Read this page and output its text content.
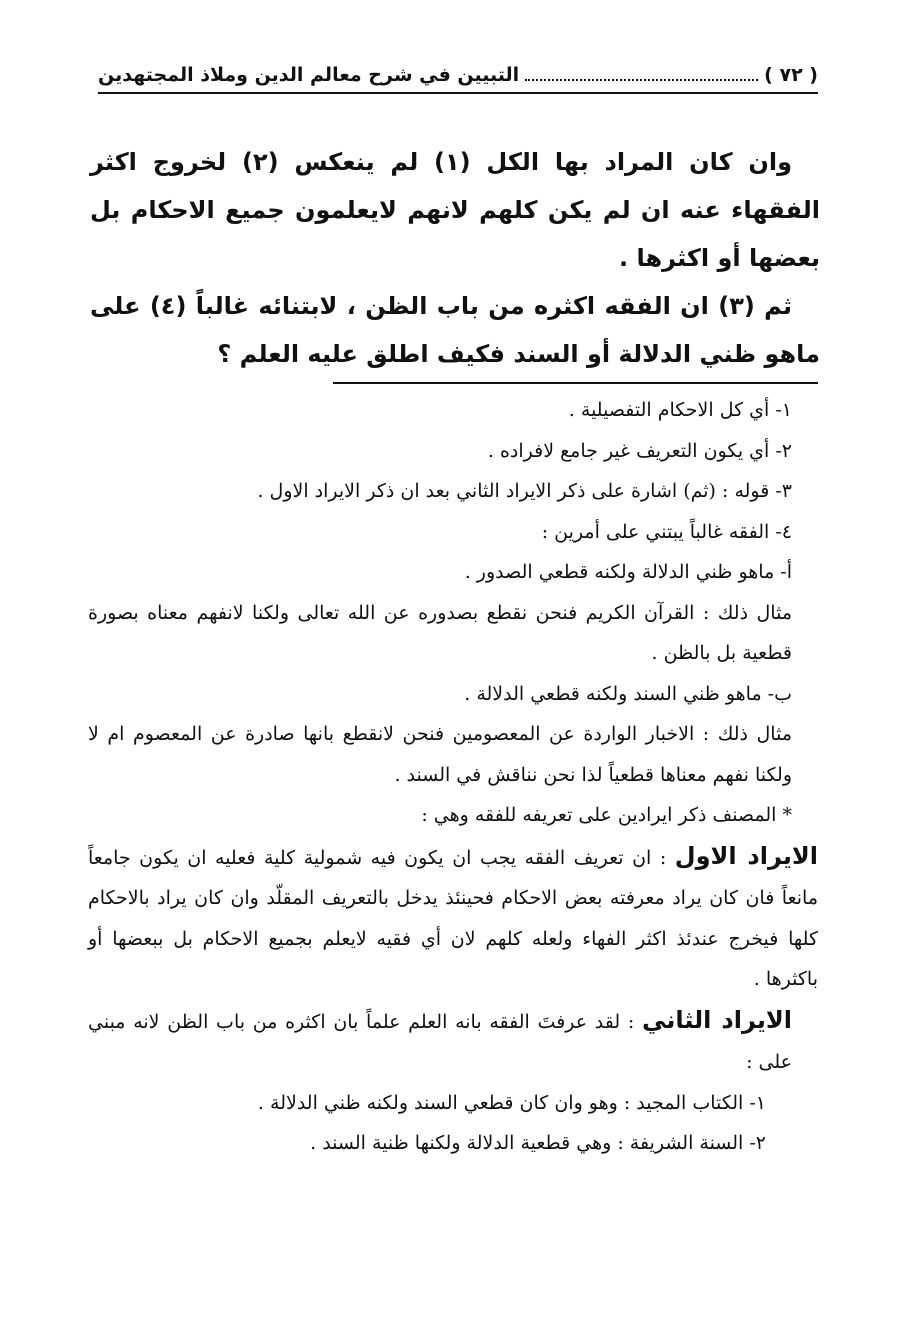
( ٧٢ )
التبيين في شرح معالم الدين وملاذ المجتهدين

وان كان المراد بها الكل (١) لم ينعكس (٢) لخروج اكثر الفقهاء عنه ان لم يكن كلهم لانهم لايعلمون جميع الاحكام بل بعضها أو اكثرها .

ثم (٣) ان الفقه اكثره من باب الظن ، لابتنائه غالباً (٤) على ماهو ظني الدلالة أو السند فكيف اطلق عليه العلم ؟

١- أي كل الاحكام التفصيلية .

٢- أي يكون التعريف غير جامع لافراده .

٣- قوله : (ثم) اشارة على ذكر الايراد الثاني بعد ان ذكر الايراد الاول .

٤- الفقه غالباً يبتني على أمرين :

أ- ماهو ظني الدلالة ولكنه قطعي الصدور .

مثال ذلك : القرآن الكريم فنحن نقطع بصدوره عن الله تعالى ولكنا لانفهم معناه بصورة قطعية بل بالظن .

ب- ماهو ظني السند ولكنه قطعي الدلالة .

مثال ذلك : الاخبار الواردة عن المعصومين فنحن لانقطع بانها صادرة عن المعصوم ام لا ولكنا نفهم معناها قطعياً لذا نحن نناقش في السند .

* المصنف ذكر ايرادين على تعريفه للفقه وهي :

الايراد الاول : ان تعريف الفقه يجب ان يكون فيه شمولية كلية فعليه ان يكون جامعاً مانعاً فان كان يراد معرفته بعض الاحكام فحينئذ يدخل بالتعريف المقلّد وان كان يراد بالاحكام كلها فيخرج عندئذ اكثر الفهاء ولعله كلهم لان أي فقيه لايعلم بجميع الاحكام بل ببعضها أو باكثرها .

الايراد الثاني : لقد عرفتَ الفقه بانه العلم علماً بان اكثره من باب الظن لانه مبني على :

١- الكتاب المجيد : وهو وان كان قطعي السند ولكنه ظني الدلالة .

٢- السنة الشريفة : وهي قطعية الدلالة ولكنها ظنية السند .
